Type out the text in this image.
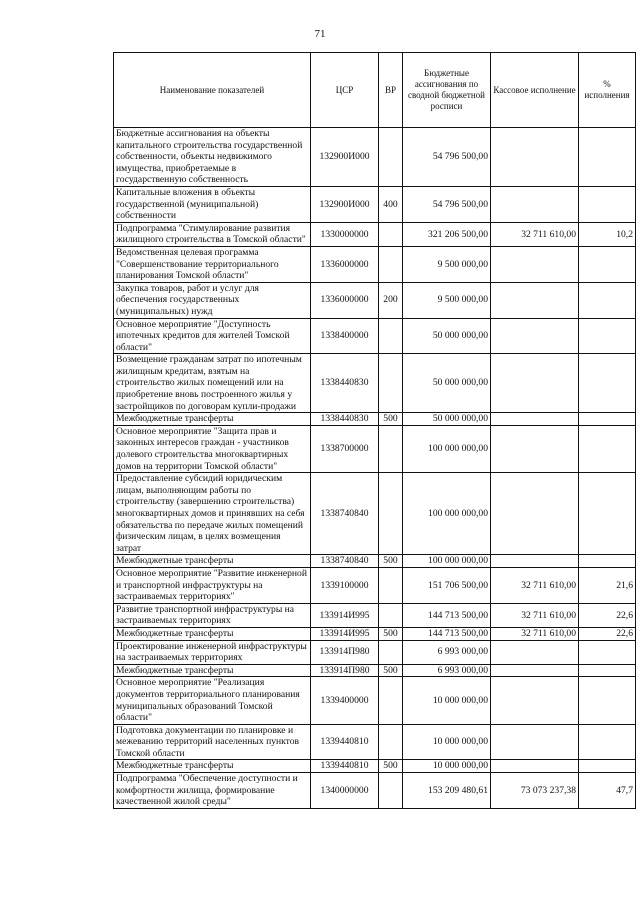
71
Наименование показателей	ЦСР	ВР	Бюджетные ассигнования по сводной бюджетной росписи	Кассовое исполнение	% исполнения
Бюджетные ассигнования на объекты капитального строительства государственной собственности, объекты недвижимого имущества, приобретаемые в государственную собственность	132900И000		54 796 500,00		
Капитальные вложения в объекты государственной (муниципальной) собственности	132900И000	400	54 796 500,00		
Подпрограмма "Стимулирование развития жилищного строительства в Томской области"	1330000000		321 206 500,00	32 711 610,00	10,2
Ведомственная целевая программа "Совершенствование территориального планирования Томской области"	1336000000		9 500 000,00		
Закупка товаров, работ и услуг для обеспечения государственных (муниципальных) нужд	1336000000	200	9 500 000,00		
Основное мероприятие "Доступность ипотечных кредитов для жителей Томской области"	1338400000		50 000 000,00		
Возмещение гражданам затрат по ипотечным жилищным кредитам, взятым на строительство жилых помещений или на приобретение вновь построенного жилья у застройщиков по договорам купли-продажи	1338440830		50 000 000,00		
Межбюджетные трансферты	1338440830	500	50 000 000,00		
Основное мероприятие "Защита прав и законных интересов граждан - участников долевого строительства многоквартирных домов на территории Томской области"	1338700000		100 000 000,00		
Предоставление субсидий юридическим лицам, выполняющим работы по строительству (завершению строительства) многоквартирных домов и принявших на себя обязательства по передаче жилых помещений физическим лицам, в целях возмещения затрат	1338740840		100 000 000,00		
Межбюджетные трансферты	1338740840	500	100 000 000,00		
Основное мероприятие "Развитие инженерной и транспортной инфраструктуры на застраиваемых территориях"	1339100000		151 706 500,00	32 711 610,00	21,6
Развитие транспортной инфраструктуры на застраиваемых территориях	133914И995		144 713 500,00	32 711 610,00	22,6
Межбюджетные трансферты	133914И995	500	144 713 500,00	32 711 610,00	22,6
Проектирование инженерной инфраструктуры на застраиваемых территориях	133914П980		6 993 000,00		
Межбюджетные трансферты	133914П980	500	6 993 000,00		
Основное мероприятие "Реализация документов территориального планирования муниципальных образований Томской области"	1339400000		10 000 000,00		
Подготовка документации по планировке и межеванию территорий населенных пунктов Томской области	1339440810		10 000 000,00		
Межбюджетные трансферты	1339440810	500	10 000 000,00		
Подпрограмма "Обеспечение доступности и комфортности жилища, формирование качественной жилой среды"	1340000000		153 209 480,61	73 073 237,38	47,7
